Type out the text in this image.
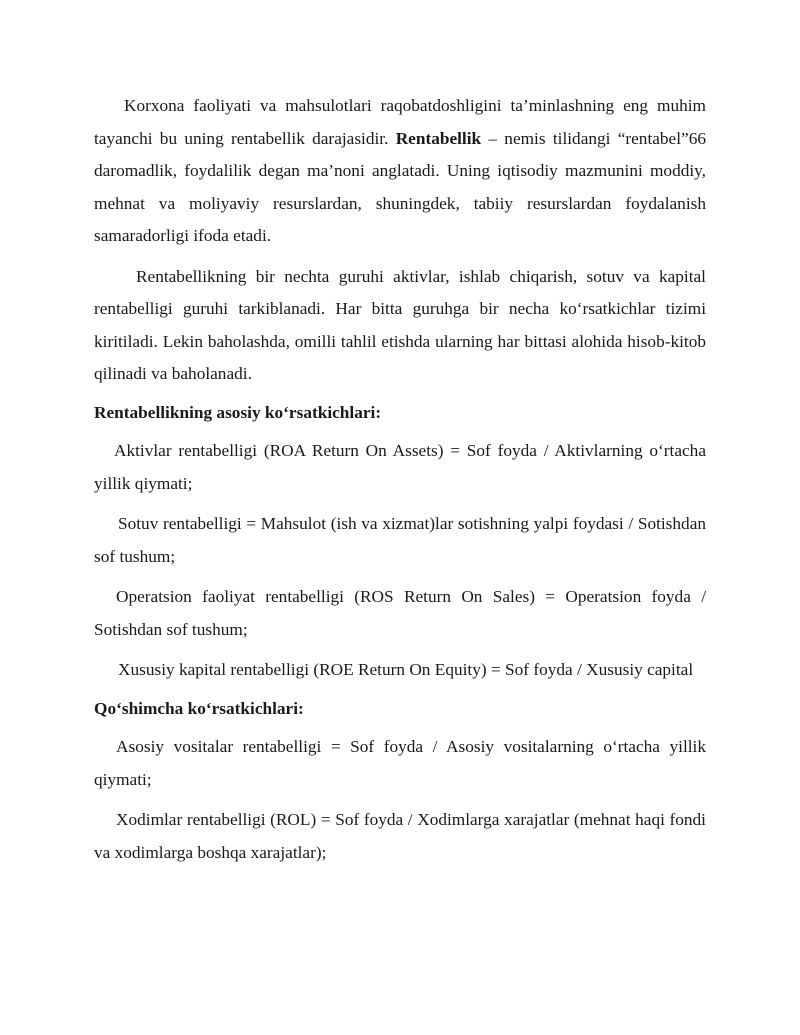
Korxona faoliyati va mahsulotlari raqobatdoshligini ta’minlashning eng muhim tayanchi bu uning rentabellik darajasidir. Rentabellik – nemis tilidangi “rentabel”66 daromadlik, foydalilik degan ma’noni anglatadi. Uning iqtisodiy mazmunini moddiy, mehnat va moliyaviy resurslardan, shuningdek, tabiiy resurslardan foydalanish samaradorligi ifoda etadi.

Rentabellikning bir nechta guruhi aktivlar, ishlab chiqarish, sotuv va kapital rentabelligi guruhi tarkiblanadi. Har bitta guruhga bir necha ko‘rsatkichlar tizimi kiritiladi. Lekin baholashda, omilli tahlil etishda ularning har bittasi alohida hisob-kitob qilinadi va baholanadi.

Rentabellikning asosiy ko‘rsatkichlari:

Aktivlar rentabelligi (ROA Return On Assets) = Sof foyda / Aktivlarning o‘rtacha yillik qiymati;

Sotuv rentabelligi = Mahsulot (ish va xizmat)lar sotishning yalpi foydasi / Sotishdan sof tushum;

Operatsion faoliyat rentabelligi (ROS Return On Sales) = Operatsion foyda / Sotishdan sof tushum;

Xususiy kapital rentabelligi (ROE Return On Equity) = Sof foyda / Xususiy capital

Qo‘shimcha ko‘rsatkichlari:

Asosiy vositalar rentabelligi = Sof foyda / Asosiy vositalarning o‘rtacha yillik qiymati;

Xodimlar rentabelligi (ROL) = Sof foyda / Xodimlarga xarajatlar (mehnat haqi fondi va xodimlarga boshqa xarajatlar);
